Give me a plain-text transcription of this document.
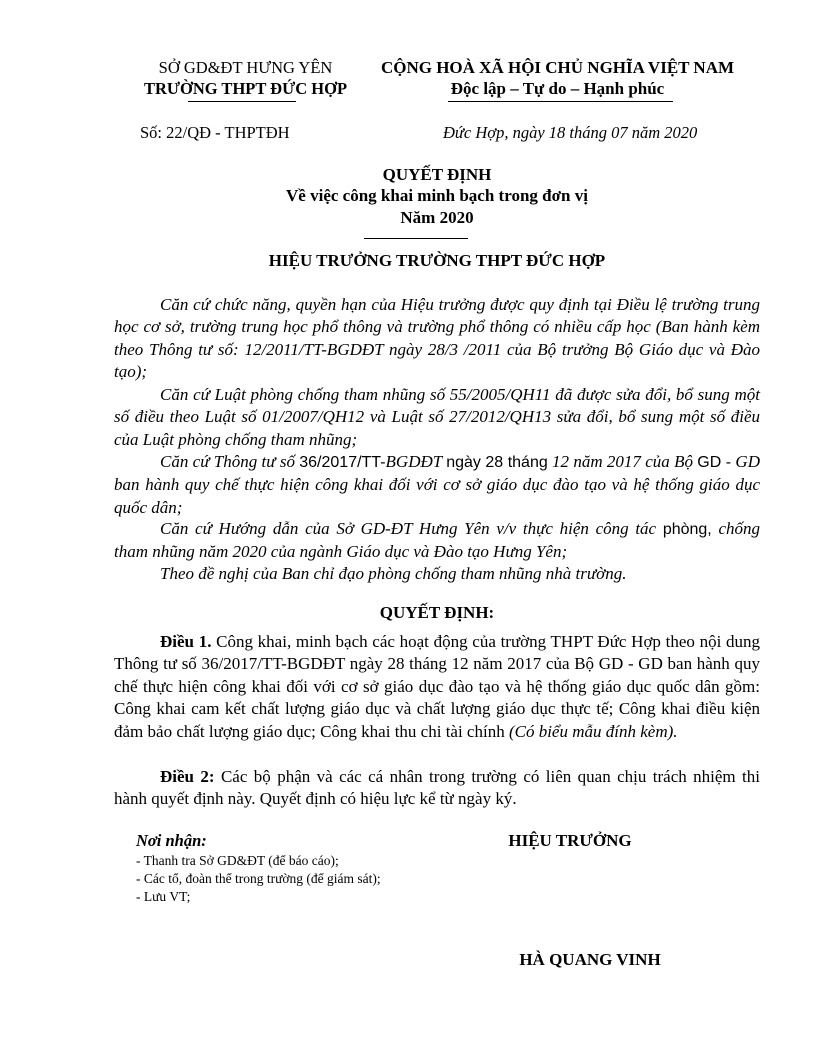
SỞ GD&ĐT HƯNG YÊN
TRƯỜNG THPT ĐỨC HỢP
CỘNG HOÀ XÃ HỘI CHỦ NGHĨA VIỆT NAM
Độc lập – Tự do – Hạnh phúc
Số: 22/QĐ - THPTĐH	Đức Hợp, ngày 18 tháng 07 năm 2020
QUYẾT ĐỊNH
Về việc công khai minh bạch trong đơn vị
Năm 2020
HIỆU TRƯỞNG TRƯỜNG THPT ĐỨC HỢP

Căn cứ chức năng, quyền hạn của Hiệu trưởng được quy định tại Điều lệ trường trung học cơ sở, trường trung học phổ thông và trường phổ thông có nhiều cấp học (Ban hành kèm theo Thông tư số: 12/2011/TT-BGDĐT ngày 28/3 /2011 của Bộ trưởng Bộ Giáo dục và Đào tạo);

Căn cứ Luật phòng chống tham nhũng số 55/2005/QH11 đã được sửa đổi, bổ sung một số điều theo Luật số 01/2007/QH12 và Luật số 27/2012/QH13 sửa đổi, bổ sung một số điều của Luật phòng chống tham nhũng;

Căn cứ Thông tư số 36/2017/TT-BGDĐT ngày 28 tháng 12 năm 2017 của Bộ GD - GD ban hành quy chế thực hiện công khai đối với cơ sở giáo dục đào tạo và hệ thống giáo dục quốc dân;

Căn cứ Hướng dẫn của Sở GD-ĐT Hưng Yên v/v thực hiện công tác phòng, chống tham nhũng năm 2020 của ngành Giáo dục và Đào tạo Hưng Yên;

Theo đề nghị của Ban chỉ đạo phòng chống tham nhũng nhà trường.

QUYẾT ĐỊNH:

Điều 1. Công khai, minh bạch các hoạt động của trường THPT Đức Hợp theo nội dung Thông tư số 36/2017/TT-BGDĐT ngày 28 tháng 12 năm 2017 của Bộ GD - GD ban hành quy chế thực hiện công khai đối với cơ sở giáo dục đào tạo và hệ thống giáo dục quốc dân gồm: Công khai cam kết chất lượng giáo dục và chất lượng giáo dục thực tế; Công khai điều kiện đảm bảo chất lượng giáo dục; Công khai thu chi tài chính (Có biểu mẫu đính kèm).

Điều 2: Các bộ phận và các cá nhân trong trường có liên quan chịu trách nhiệm thi hành quyết định này. Quyết định có hiệu lực kể từ ngày ký.

Nơi nhận:
- Thanh tra Sở GD&ĐT (để báo cáo);
- Các tổ, đoàn thể trong trường (để giám sát);
- Lưu VT;
HIỆU TRƯỞNG
HÀ QUANG VINH
